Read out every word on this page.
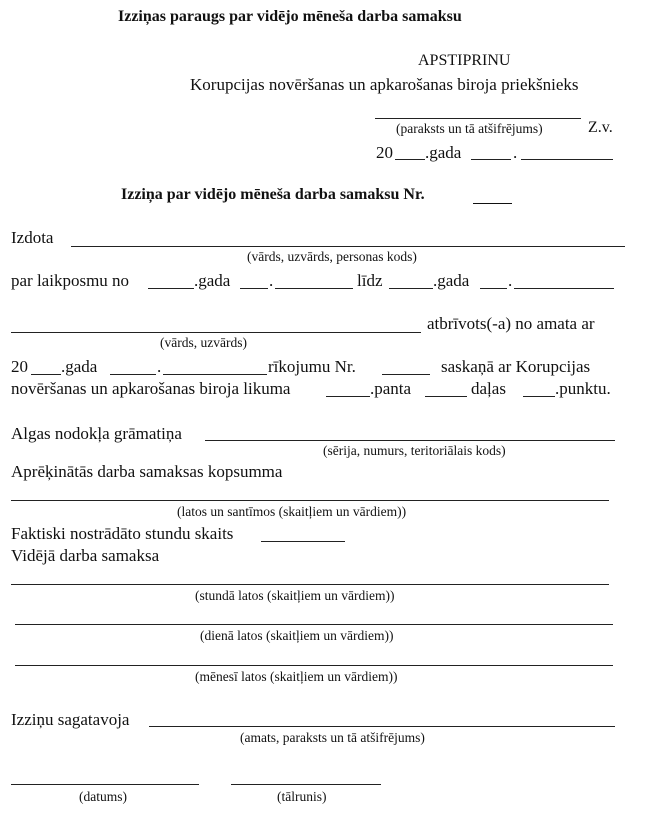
Izziņas paraugs par vidējo mēneša darba samaksu
APSTIPRINU
Korupcijas novēršanas un apkarošanas biroja priekšnieks
(paraksts un tā atšifrējums)	Z.v.
20 .gada	.
Izziņa par vidējo mēneša darba samaksu Nr.
Izdota
(vārds, uzvārds, personas kods)
par laikposmu no	.gada .	līdz	.gada .
atbrīvots(-a) no amata ar
(vārds, uzvārds)
20 .gada	.	rīkojumu Nr.	saskaņā ar Korupcijas
novēršanas un apkarošanas biroja likuma	.panta	daļas	.punktu.
Algas nodokļa grāmatiņa
(sērija, numurs, teritoriālais kods)
Aprēķinātās darba samaksas kopsumma
(latos un santīmos (skaitļiem un vārdiem))
Faktiski nostrādāto stundu skaits
Vidējā darba samaksa
(stundā latos (skaitļiem un vārdiem))
(dienā latos (skaitļiem un vārdiem))
(mēnesī latos (skaitļiem un vārdiem))
Izziņu sagatavoja
(amats, paraksts un tā atšifrējums)
(datums)	(tālrunis)
